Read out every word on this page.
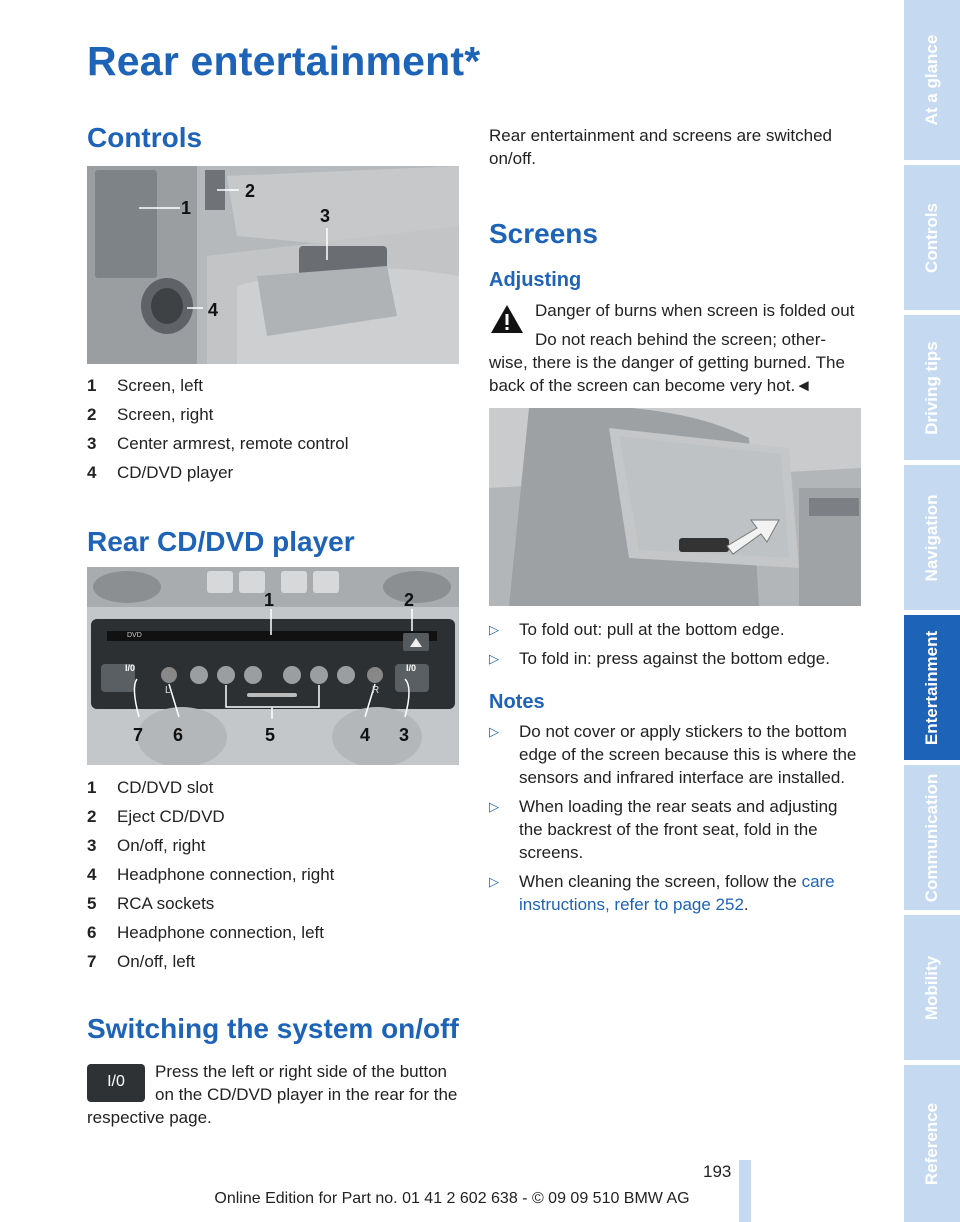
Rear entertainment*
Controls
1
2
3
4
1	Screen, left
2	Screen, right
3	Center armrest, remote control
4	CD/DVD player
Rear CD/DVD player
I/0	I/0
DVD
L	R
1	2
7 6	5	4 3
1	CD/DVD slot
2	Eject CD/DVD
3	On/off, right
4	Headphone connection, right
5	RCA sockets
6	Headphone connection, left
7	On/off, left
Switching the system on/off
I/0
Press the left or right side of the button
on the CD/DVD player in the rear for the
respective page.
Rear entertainment and screens are switched on/off.
Screens
Adjusting
Danger of burns when screen is folded out
Do not reach behind the screen; other-
wise, there is the danger of getting burned. The
back of the screen can become very hot.◄
▷	To fold out: pull at the bottom edge.
▷	To fold in: press against the bottom edge.
Notes
▷	Do not cover or apply stickers to the bottom edge of the screen because this is where the sensors and infrared interface are installed.
▷	When loading the rear seats and adjusting the backrest of the front seat, fold in the screens.
▷	When cleaning the screen, follow the care instructions, refer to page 252.
At a glance
Controls
Driving tips
Navigation
Entertainment
Communication
Mobility
Reference
193
Online Edition for Part no. 01 41 2 602 638 - © 09 09 510 BMW AG
